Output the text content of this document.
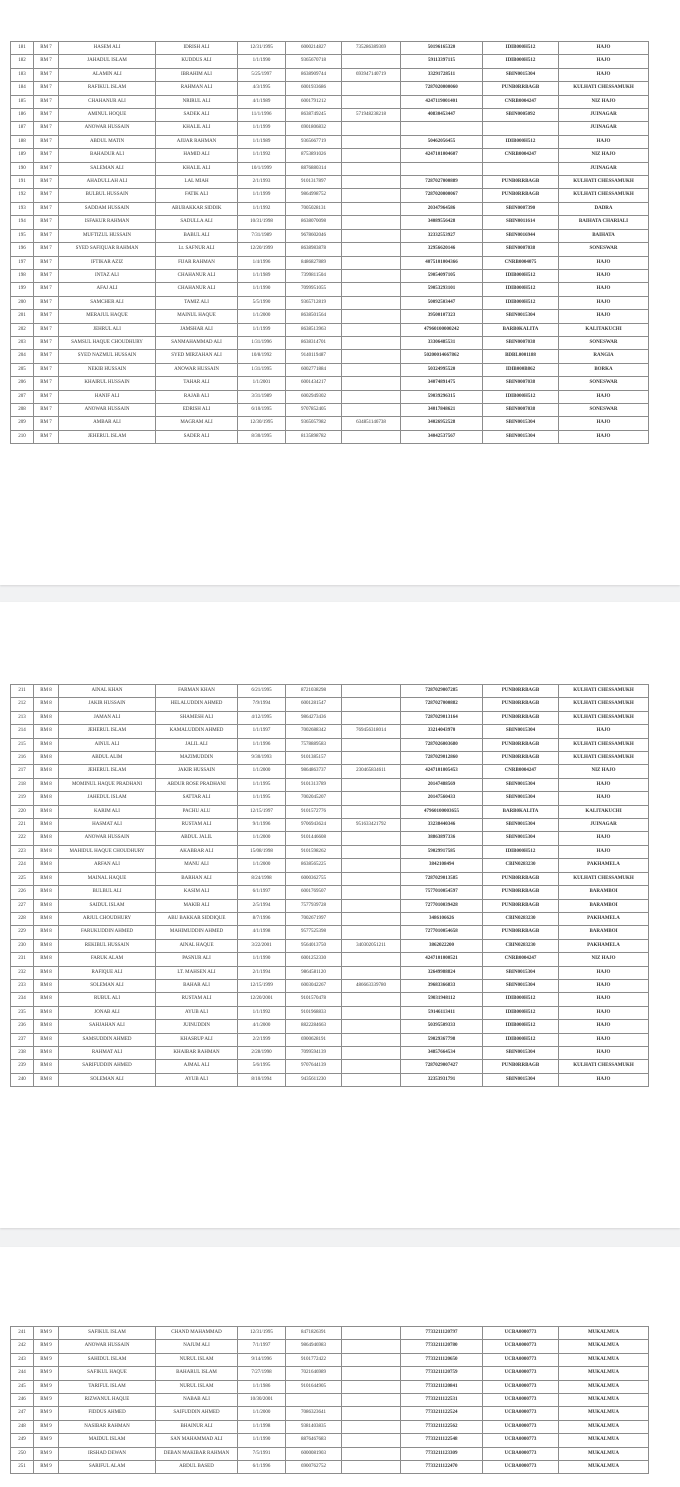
181	RM 7	HASEM ALI	IDRISH ALI	12/31/1995	6000214827	735286389369	50196165320	IDIB000H512	HAJO
182	RM 7	JAHADUL ISLAM	KUDDUS ALI	1/1/1990	9365670718		59113397115	IDIB000H512	HAJO
183	RM 7	ALAMIN ALI	IBRAHIM ALI	5/25/1997	8638909744	693947140719	33291728511	SBIN0015304	HAJO
184	RM 7	RAFIKUL ISLAM	RAHMAN ALI	4/3/1995	6001933686		7287020000060	PUNB0RRBAGB	KULHATI CHESSAMUKH
185	RM 7	CHAHANUR ALI	NRIRUL ALI	4/1/1989	6001791212		4247119001401	CNRB0004247	NIZ HAJO
186	RM 7	AMINUL HOQUE	SADEK ALI	11/1/1996	8638749245	571948238218	40830453447	SBIN0005092	JUINAGAR
187	RM 7	ANOWAR HUSSAIN	KHALIL ALI	1/1/1999	6901806832				JUINAGAR
188	RM 7	ABDUL MATIN	AJIJAR RAHMAN	1/1/1989	9365667719		50462056455	IDIB000H512	HAJO
189	RM 7	BAHADUR ALI	HAMID ALI	1/1/1992	8753891026		4247101004607	CNRB0004247	NIZ HAJO
190	RM 7	SALEMAN ALI	KHALIL ALI	10/1/1999	8876880314				JUINAGAR
191	RM 7	AHADULLAH ALI	LAL MIAH	2/1/1993	9101317897		7287027000889	PUNB0RRBAGB	KULHATI CHESSAMUKH
192	RM 7	BULBUL HUSSAIN	FATIK ALI	1/1/1999	9864998752		7287020000067	PUNB0RRBAGB	KULHATI CHESSAMUKH
193	RM 7	SADDAM HUSSAIN	ABUBAKKAR SIDDIK	1/1/1992	7005028131		20347964586	SBIN0007390	DADRA
194	RM 7	ISFAKUR RAHMAN	SADULLA ALI	10/31/1998	8638070098		34089556428	SBIN0011614	BAIHATA CHARIALI
195	RM 7	MUFTIZUL HUSSAIN	BABUL ALI	7/31/1989	9678602046		32332553927	SBIN0016944	BAIHATA
196	RM 7	SYED SAFIQUAR RAHMAN	Lt. SAFNUR ALI	12/20/1999	8638983878		32956620146	SBIN0007038	SONESWAR
197	RM 7	IFTIKAR AZIZ	FIJAR RAHMAN	1/4/1996	8486827889		4075101004366	CNRB0004075	HAJO
198	RM 7	INTAZ ALI	CHAHANUR ALI	1/1/1989	7399811504		59054097105	IDIB000H512	HAJO
199	RM 7	AFAJ ALI	CHAHANUR ALI	1/1/1990	7099951055		59053293101	IDIB000H512	HAJO
200	RM 7	SAMCHER ALI	TAMIZ ALI	5/5/1990	9365712819		50092503447	IDIB000H512	HAJO
201	RM 7	MERAJUL HAQUE	MAINUL HAQUE	1/1/2000	8638501564		39500107323	SBIN0015304	HAJO
202	RM 7	JEHRUL ALI	JAMSHAR ALI	1/1/1999	8638513963		47960100000242	BARB0KALITA	KALITAKUCHI
203	RM 7	SAMSUL HAQUE CHOUDHURY	SANMAHAMMAD ALI	1/31/1996	8638314701		33306485531	SBIN0007038	SONESWAR
204	RM 7	SYED NAZMUL HUSSAIN	SYED MIRZAHAN ALI	10/8/1992	9140119487		50200014667862	BDBL0001188	RANGIA
205	RM 7	NEKIB HUSSAIN	ANOWAR HUSSAIN	1/31/1995	6002771884		50324995520	IDIB000B862	BORKA
206	RM 7	KHAIRUL HUSSAIN	TAHAR ALI	1/1/2001	6001434217		34074891475	SBIN0007038	SONESWAR
207	RM 7	HANIF ALI	RAJAB ALI	3/31/1989	6002949302		59039296315	IDIB000H512	HAJO
208	RM 7	ANOWAR HUSSAIN	EDRISH ALI	6/10/1995	9707852405		34017848621	SBIN0007038	SONESWAR
209	RM 7	AMBAR ALI	MAGRAM ALI	12/30/1995	9365057982	634851146738	34026952528	SBIN0015304	HAJO
210	RM 7	JEHERUL ISLAM	SADER ALI	8/30/1995	8135898782		34042537567	SBIN0015304	HAJO
211	RM 8	AINAL KHAN	FARMAN KHAN	6/21/1995	8721038298		7287029007285	PUNB0RRBAGB	KULHATI CHESSAMUKH
212	RM 8	JAKIR HUSSAIN	HELALUDDIN AHMED	7/9/1994	6001281547		7287027000882	PUNB0RRBAGB	KULHATI CHESSAMUKH
213	RM 8	JAMAN ALI	SHAMESH ALI	4/12/1995	9864273436		7287029013164	PUNB0RRBAGB	KULHATI CHESSAMUKH
214	RM 8	JEHERUL ISLAM	KAMALUDDIN AHMED	1/1/1997	7002688342	769456318014	33214043970	SBIN0015304	HAJO
215	RM 8	AINUL ALI	JALIL ALI	1/1/1996	7578889583		7287026003680	PUNB0RRBAGB	KULHATI CHESSAMUKH
216	RM 8	ABDUL ALIM	MAZIMUDDIN	9/30/1993	9101385157		7287029012860	PUNB0RRBAGB	KULHATI CHESSAMUKH
217	RM 8	JEHERUL ISLAM	JAKIR HUSSAIN	1/1/2000	9864863737	230465834611	4247101005453	CNRB0004247	NIZ HAJO
218	RM 8	MOMINUL HAQUE PRADHANI	ABDUR ROSE PRADHANI	1/1/1995	9101313789		20147488569	SBIN0015304	HAJO
219	RM 8	JAHEDUL ISLAM	SATTAR ALI	1/1/1995	7002045207		20147560433	SBIN0015304	HAJO
220	RM 8	KARIM ALI	PACHU ALU	12/15/1997	9101572776		47960100003655	BARB0KALITA	KALITAKUCHI
221	RM 8	HASMAT ALI	RUSTAM ALI	9/1/1996	9706943624	951633421792	33238440346	SBIN0015304	JUINAGAR
222	RM 8	ANOWAR HUSSAIN	ABDUL JALIL	1/1/2000	9101446608		38863897336	SBIN0015304	HAJO
223	RM 8	MAHIDUL HAQUE CHOUDHURY	AKABBAR ALI	15/08/1998	9101598262		59029917585	IDIB000H512	HAJO
224	RM 8	ARFAN ALI	MANU ALI	1/1/2000	8638565225		3842108494	CBIN0283230	PAKHAMELA
225	RM 8	MAINAL HAQUE	BARHAN ALI	8/24/1998	6000362755		7287029013585	PUNB0RRBAGB	KULHATI CHESSAMUKH
226	RM 8	BULBUL ALI	KASIM ALI	6/1/1997	6001769507		7577010054597	PUNB0RRBAGB	BARAMBOI
227	RM 8	SAIDUL ISLAM	MAKIB ALI	2/5/1994	7577939728		7277010039428	PUNB0RRBAGB	BARAMBOI
228	RM 8	ARJUL CHOUDHURY	ABU BAKKAR SIDDIQUE	8/7/1996	7002671997		3486106626	CBIN0283230	PAKHAMELA
229	RM 8	FARUKUDDIN AHMED	MAHIMUDDIN AHMED	4/1/1998	9577525398		7277010054658	PUNB0RRBAGB	BARAMBOI
230	RM 8	REKIBUL HUSSAIN	AINAL HAQUE	3/22/2001	9564013750	340302051211	3862022200	CBIN0283230	PAKHAMELA
231	RM 8	FARUK ALAM	PASNUR ALI	1/1/1990	6001252330		4247101000521	CNRB0004247	NIZ HAJO
232	RM 8	RAFIQUE ALI	LT. MAHSEN ALI	2/1/1994	9864581120		32649988824	SBIN0015304	HAJO
233	RM 8	SOLEMAN ALI	BAHAR ALI	12/15/1999	6003042267	486663339780	39683366833	SBIN0015304	HAJO
234	RM 8	RUBUL ALI	RUSTAM ALI	12/20/2001	9101570478		59031948112	IDIB000H512	HAJO
235	RM 8	JONAB ALI	AYUB ALI	1/1/1992	9101968833		59146113411	IDIB000H512	HAJO
236	RM 8	SAHJAHAN ALI	JUINUDDIN	4/1/2000	8822284663		50395509333	IDIB000H512	HAJO
237	RM 8	SAMSUDDIN AHMED	KHASRUP ALI	2/2/1999	6900628191		59029367798	IDIB000H512	HAJO
238	RM 8	RAHMAT ALI	KHAIBAR RAHMAN	2/28/1990	7099594139		34857664534	SBIN0015304	HAJO
239	RM 8	SARIFUDDIN AHMED	AJMAL ALI	5/6/1995	9707644139		7287029007427	PUNB0RRBAGB	KULHATI CHESSAMUKH
240	RM 8	SOLEMAN ALI	AYUB ALI	8/10/1994	9435611230		32353931791	SBIN0015304	HAJO
241	RM 9	SAFIKUL ISLAM	CHAND MAHAMMAD	12/31/1995	8471826391		7733211120797	UCBA0000773	MUKALMUA
242	RM 9	ANOWAR HUSSAIN	NAJUM ALI	7/1/1997	9864946983		7733211120780	UCBA0000773	MUKALMUA
243	RM 9	SAHIDUL ISLAM	NURUL ISLAM	9/14/1996	9101772422		7733211120650	UCBA0000773	MUKALMUA
244	RM 9	SAFIKUL HAQUE	BAHARUL ISLAM	7/27/1998	7021646989		7733211120759	UCBA0000773	MUKALMUA
245	RM 9	TARIFUL ISLAM	NURUL ISLAM	1/1/1986	9101644905		7733211120841	UCBA0000773	MUKALMUA
246	RM 9	RIZWANUL HAQUE	NABAB ALI	10/30/2001			7733211122531	UCBA0000773	MUKALMUA
247	RM 9	FIDDUS AHMED	SAIFUDDIN AHMED	1/1/2000	7086323641		7733211122524	UCBA0000773	MUKALMUA
248	RM 9	NASIBAR RAHMAN	BHAINUR ALI	1/1/1998	9381403835		7733211122562	UCBA0000773	MUKALMUA
249	RM 9	MAIDUL ISLAM	SAN MAHAMMAD ALI	1/1/1990	8876467683		7733211122548	UCBA0000773	MUKALMUA
250	RM 9	IRSHAD DEWAN	DEBAN MAKIBAR RAHMAN	7/5/1991	6000081903		7733211123309	UCBA0000773	MUKALMUA
251	RM 9	SARIFUL ALAM	ABDUL BASED	6/1/1996	6900762752		7733211122470	UCBA0000773	MUKALMUA
